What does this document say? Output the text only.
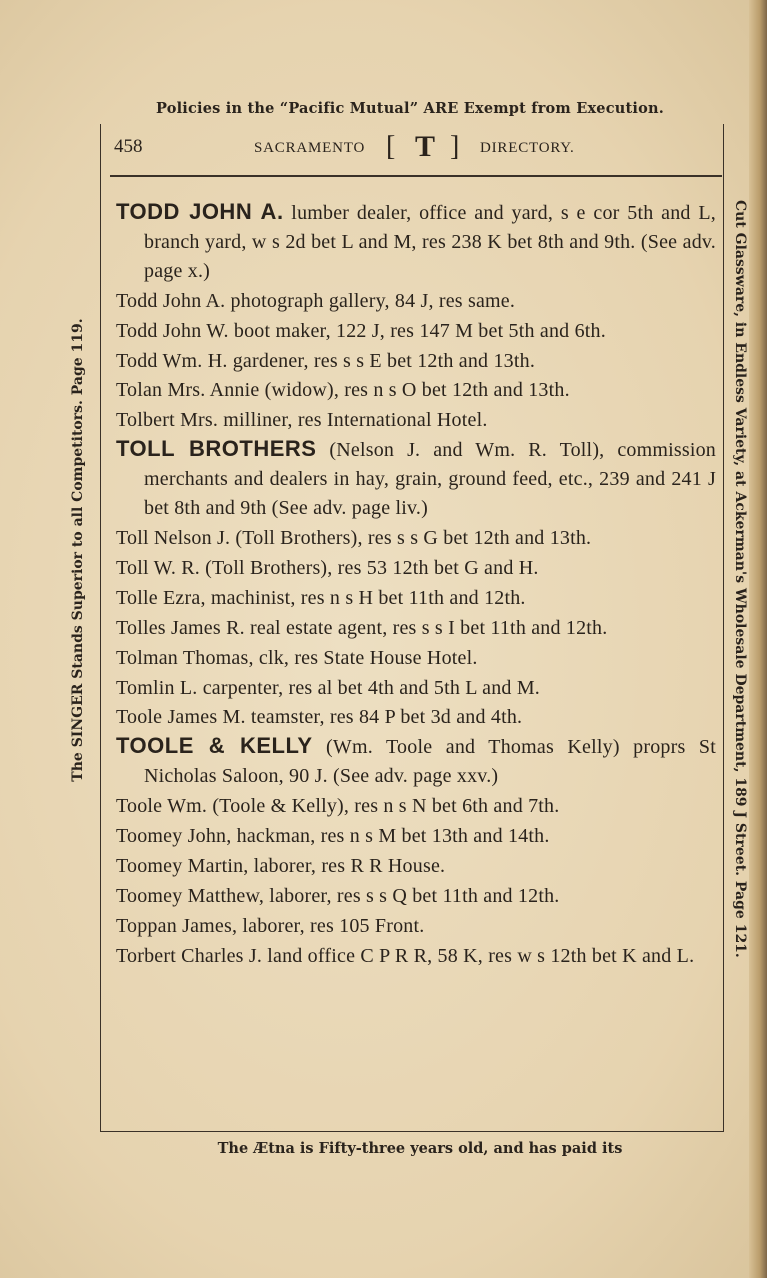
Policies in the “Pacific Mutual” ARE Exempt from Execution.
458	SACRAMENTO [ T ] DIRECTORY.

TODD JOHN A. lumber dealer, office and yard, s e cor 5th and L, branch yard, w s 2d bet L and M, res 238 K bet 8th and 9th. (See adv. page x.)

Todd John A. photograph gallery, 84 J, res same.

Todd John W. boot maker, 122 J, res 147 M bet 5th and 6th.

Todd Wm. H. gardener, res s s E bet 12th and 13th.

Tolan Mrs. Annie (widow), res n s O bet 12th and 13th.

Tolbert Mrs. milliner, res International Hotel.

TOLL BROTHERS (Nelson J. and Wm. R. Toll), commission merchants and dealers in hay, grain, ground feed, etc., 239 and 241 J bet 8th and 9th (See adv. page liv.)

Toll Nelson J. (Toll Brothers), res s s G bet 12th and 13th.

Toll W. R. (Toll Brothers), res 53 12th bet G and H.

Tolle Ezra, machinist, res n s H bet 11th and 12th.

Tolles James R. real estate agent, res s s I bet 11th and 12th.

Tolman Thomas, clk, res State House Hotel.

Tomlin L. carpenter, res al bet 4th and 5th L and M.

Toole James M. teamster, res 84 P bet 3d and 4th.

TOOLE & KELLY (Wm. Toole and Thomas Kelly) proprs St Nicholas Saloon, 90 J. (See adv. page xxv.)

Toole Wm. (Toole & Kelly), res n s N bet 6th and 7th.

Toomey John, hackman, res n s M bet 13th and 14th.

Toomey Martin, laborer, res R R House.

Toomey Matthew, laborer, res s s Q bet 11th and 12th.

Toppan James, laborer, res 105 Front.

Torbert Charles J. land office C P R R, 58 K, res w s 12th bet K and L.

The SINGER Stands Superior to all Competitors. Page 119.	Cut Glassware, in Endless Variety, at Ackerman's Wholesale Department, 189 J Street. Page 121.
The Ætna is Fifty-three years old, and has paid its
